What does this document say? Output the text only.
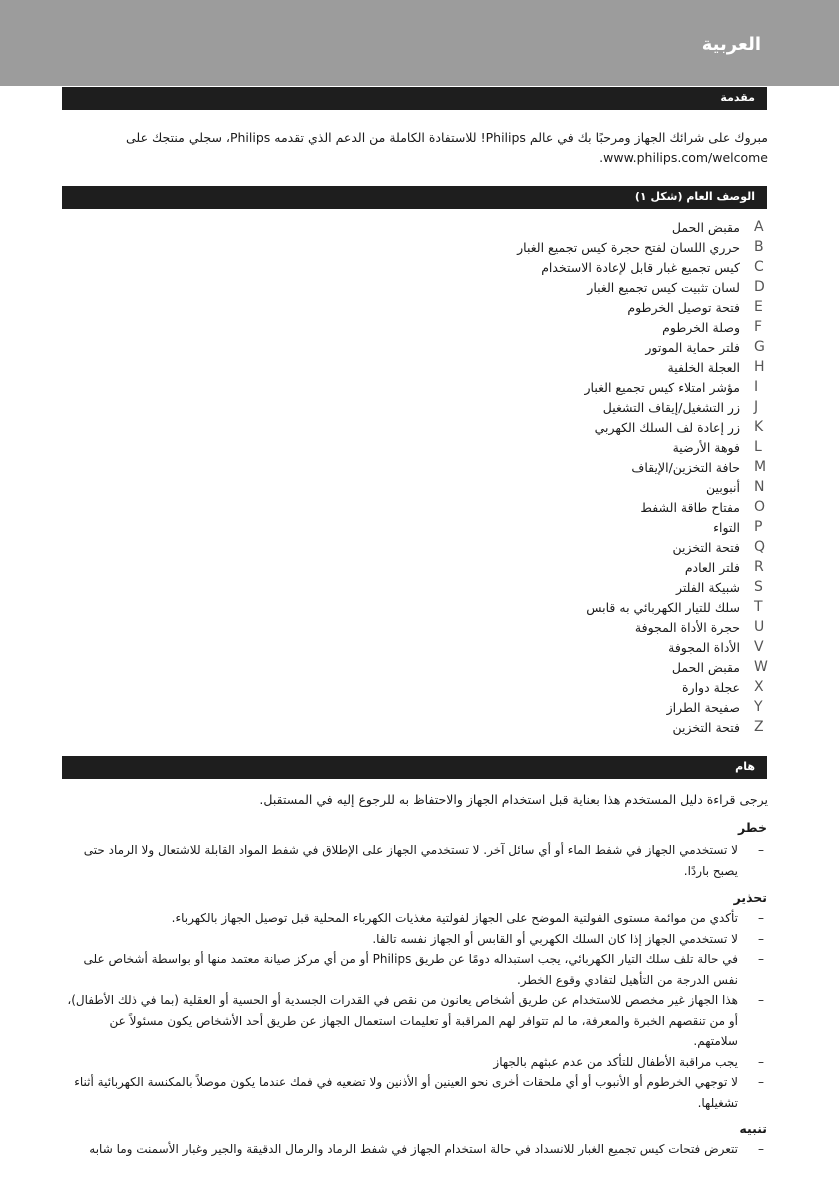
العربية
مقدمة
مبروك على شرائك الجهاز ومرحبًا بك في عالم Philips! للاستفادة الكاملة من الدعم الذي تقدمه Philips، سجلي منتجك على
www.philips.com/welcome.
الوصف العام (شكل ١)
A
مقبض الحمل
B
حرري اللسان لفتح حجرة كيس تجميع الغبار
C
كيس تجميع غبار قابل لإعادة الاستخدام
D
لسان تثبيت كيس تجميع الغبار
E
فتحة توصيل الخرطوم
F
وصلة الخرطوم
G
فلتر حماية الموتور
H
العجلة الخلفية
I
مؤشر امتلاء كيس تجميع الغبار
J
زر التشغيل/إيقاف التشغيل
K
زر إعادة لف السلك الكهربي
L
فوهة الأرضية
M
حافة التخزين/الإيقاف
N
أنبوبين
O
مفتاح طاقة الشفط
P
التواء
Q
فتحة التخزين
R
فلتر العادم
S
شبيكة الفلتر
T
سلك للتيار الكهربائي به قابس
U
حجرة الأداة المجوفة
V
الأداة المجوفة
W
مقبض الحمل
X
عجلة دوارة
Y
صفيحة الطراز
Z
فتحة التخزين
هام
يرجى قراءة دليل المستخدم هذا بعناية قبل استخدام الجهاز والاحتفاظ به للرجوع إليه في المستقبل.
خطر
–
لا تستخدمي الجهاز في شفط الماء أو أي سائل آخر. لا تستخدمي الجهاز على الإطلاق في شفط المواد القابلة للاشتعال ولا الرماد حتى يصبح باردًا.
تحذير
–
تأكدي من موائمة مستوى الفولتية الموضح على الجهاز لفولتية مغذيات الكهرباء المحلية قبل توصيل الجهاز بالكهرباء.
–
لا تستخدمي الجهاز إذا كان السلك الكهربي أو القابس أو الجهاز نفسه تالفا.
–
في حالة تلف سلك التيار الكهربائي، يجب استبداله دومًا عن طريق Philips أو من أي مركز صيانة معتمد منها أو بواسطة أشخاص على نفس الدرجة من التأهيل لتفادي وقوع الخطر.
–
هذا الجهاز غير مخصص للاستخدام عن طريق أشخاص يعانون من نقص في القدرات الجسدية أو الحسية أو العقلية (بما في ذلك الأطفال)، أو من تنقصهم الخبرة والمعرفة، ما لم تتوافر لهم المراقبة أو تعليمات استعمال الجهاز عن طريق أحد الأشخاص يكون مسئولاً عن سلامتهم.
–
يجب مراقبة الأطفال للتأكد من عدم عبثهم بالجهاز
–
لا توجهي الخرطوم أو الأنبوب أو أي ملحقات أخرى نحو العينين أو الأذنين ولا تضعيه في فمك عندما يكون موصلاً بالمكنسة الكهربائية أثناء تشغيلها.
تنبيه
–
تتعرض فتحات كيس تجميع الغبار للانسداد في حالة استخدام الجهاز في شفط الرماد والرمال الدقيقة والجير وغبار الأسمنت وما شابه
